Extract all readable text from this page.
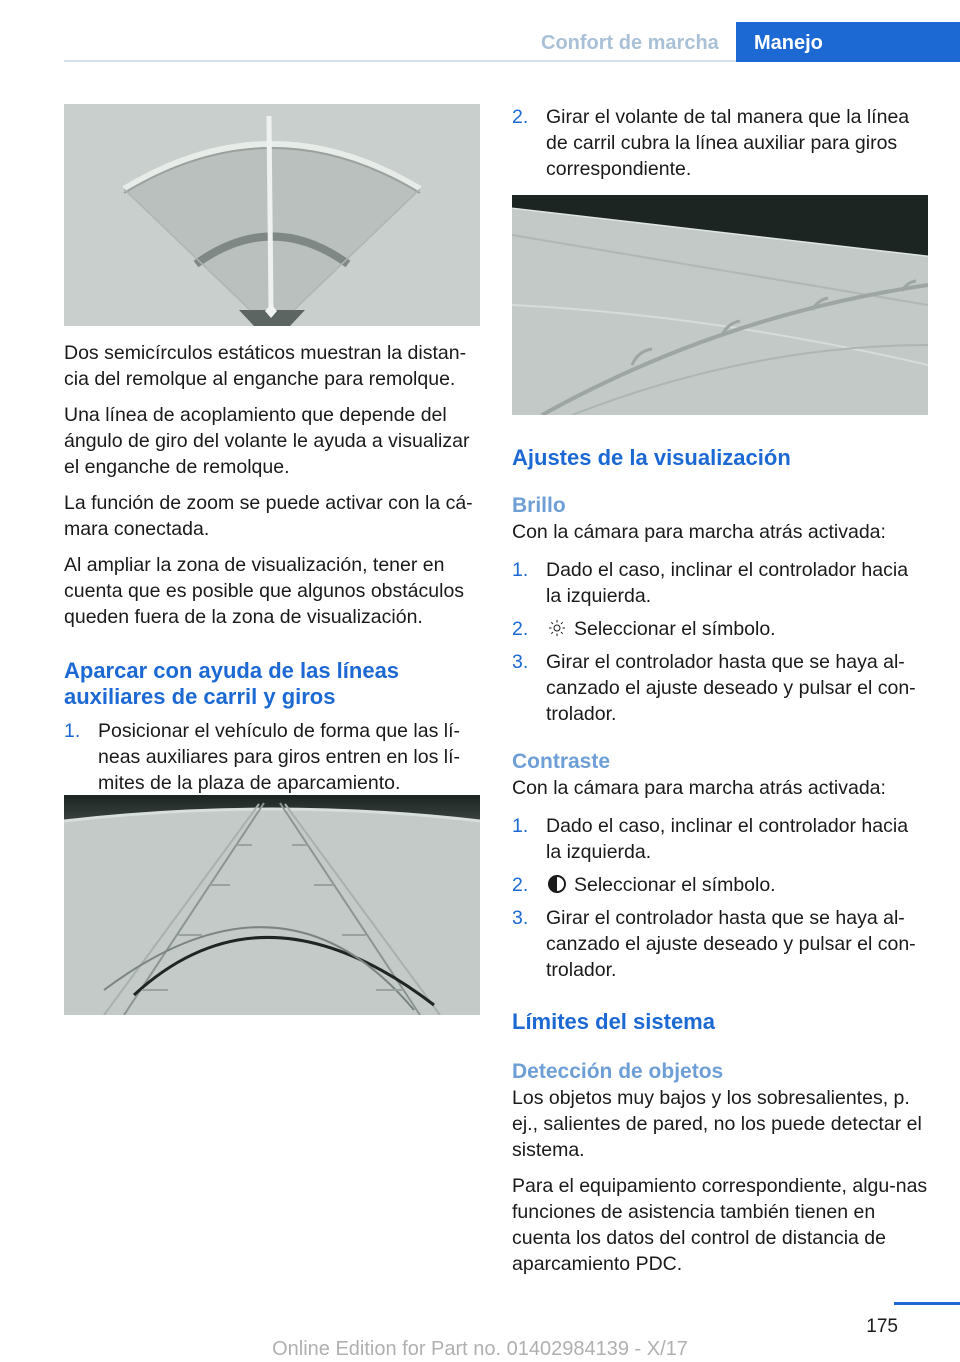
Confort de marcha	Manejo

Dos semicírculos estáticos muestran la distan‐cia del remolque al enganche para remolque.

Una línea de acoplamiento que depende del ángulo de giro del volante le ayuda a visualizar el enganche de remolque.

La función de zoom se puede activar con la cá‐mara conectada.

Al ampliar la zona de visualización, tener en cuenta que es posible que algunos obstáculos queden fuera de la zona de visualización.

Aparcar con ayuda de las líneas auxiliares de carril y giros
1. Posicionar el vehículo de forma que las lí‐neas auxiliares para giros entren en los lí‐mites de la plaza de aparcamiento.
2. Girar el volante de tal manera que la línea de carril cubra la línea auxiliar para giros correspondiente.
Ajustes de la visualización
Brillo

Con la cámara para marcha atrás activada:

1. Dado el caso, inclinar el controlador hacia la izquierda.
2. Seleccionar el símbolo.
3. Girar el controlador hasta que se haya al‐canzado el ajuste deseado y pulsar el con‐trolador.
Contraste

Con la cámara para marcha atrás activada:

1. Dado el caso, inclinar el controlador hacia la izquierda.
2. Seleccionar el símbolo.
3. Girar el controlador hasta que se haya al‐canzado el ajuste deseado y pulsar el con‐trolador.
Límites del sistema
Detección de objetos

Los objetos muy bajos y los sobresalientes, p. ej., salientes de pared, no los puede detectar el sistema.

Para el equipamiento correspondiente, algu‐nas funciones de asistencia también tienen en cuenta los datos del control de distancia de aparcamiento PDC.

175
Online Edition for Part no. 01402984139 - X/17
